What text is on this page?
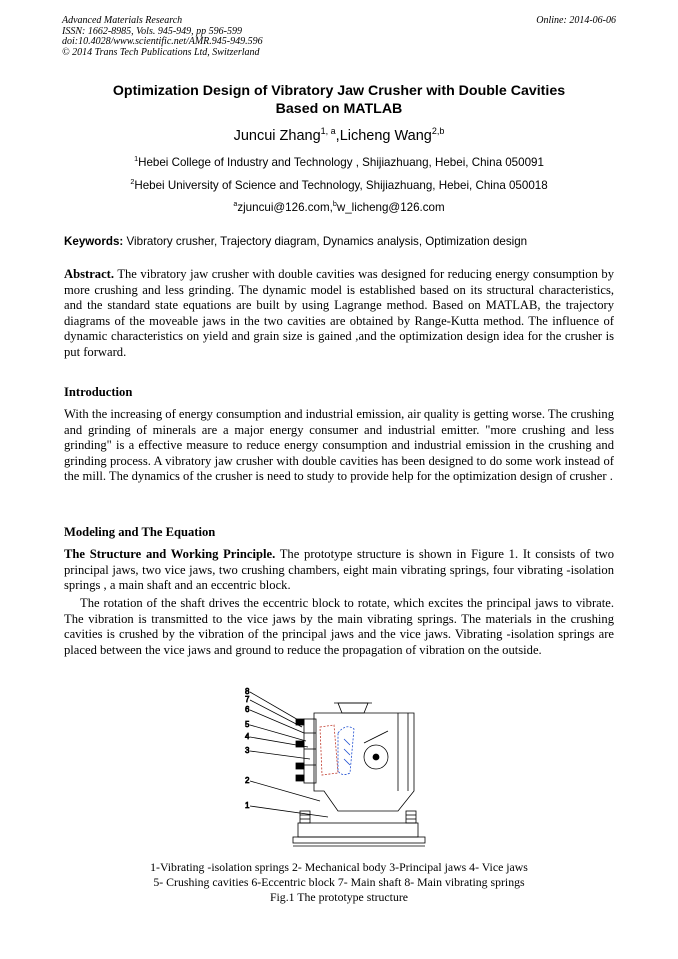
Advanced Materials Research
ISSN: 1662-8985, Vols. 945-949, pp 596-599
doi:10.4028/www.scientific.net/AMR.945-949.596
© 2014 Trans Tech Publications Ltd, Switzerland
Online: 2014-06-06
Optimization Design of Vibratory Jaw Crusher with Double Cavities
Based on MATLAB
Juncui Zhang$^{1, a}$,Licheng Wang$^{2,b}$
$^1$Hebei College of Industry and Technology , Shijiazhuang, Hebei, China 050091
$^2$Hebei University of Science and Technology, Shijiazhuang, Hebei, China 050018
$^a$zjuncui@126.com,$^b$w_licheng@126.com
Keywords: Vibratory crusher, Trajectory diagram, Dynamics analysis, Optimization design
Abstract. The vibratory jaw crusher with double cavities was designed for reducing energy consumption by more crushing and less grinding. The dynamic model is established based on its structural characteristics, and the standard state equations are built by using Lagrange method. Based on MATLAB, the trajectory diagrams of the moveable jaws in the two cavities are obtained by Range-Kutta method. The influence of dynamic characteristics on yield and grain size is gained ,and the optimization design idea for the crusher is put forward.
Introduction
With the increasing of energy consumption and industrial emission, air quality is getting worse. The crushing and grinding of minerals are a major energy consumer and industrial emitter. "more crushing and less grinding" is a effective measure to reduce energy consumption and industrial emission in the crushing and grinding process. A vibratory jaw crusher with double cavities has been designed to do some work instead of the mill. The dynamics of the crusher is need to study to provide help for the optimization design of crusher .
Modeling and The Equation
The Structure and Working Principle. The prototype structure is shown in Figure 1. It consists of two principal jaws, two vice jaws, two crushing chambers, eight main vibrating springs, four vibrating -isolation springs , a main shaft and an eccentric block.
The rotation of the shaft drives the eccentric block to rotate, which excites the principal jaws to vibrate. The vibration is transmitted to the vice jaws by the main vibrating springs. The materials in the crushing cavities is crushed by the vibration of the principal jaws and the vice jaws. Vibrating -isolation springs are placed between the vice jaws and ground to reduce the propagation of vibration on the outside.
8
7
6
5
4
3
2
1
1-Vibrating -isolation springs 2- Mechanical body 3-Principal jaws 4- Vice jaws
5- Crushing cavities 6-Eccentric block 7- Main shaft 8- Main vibrating springs
Fig.1 The prototype structure
